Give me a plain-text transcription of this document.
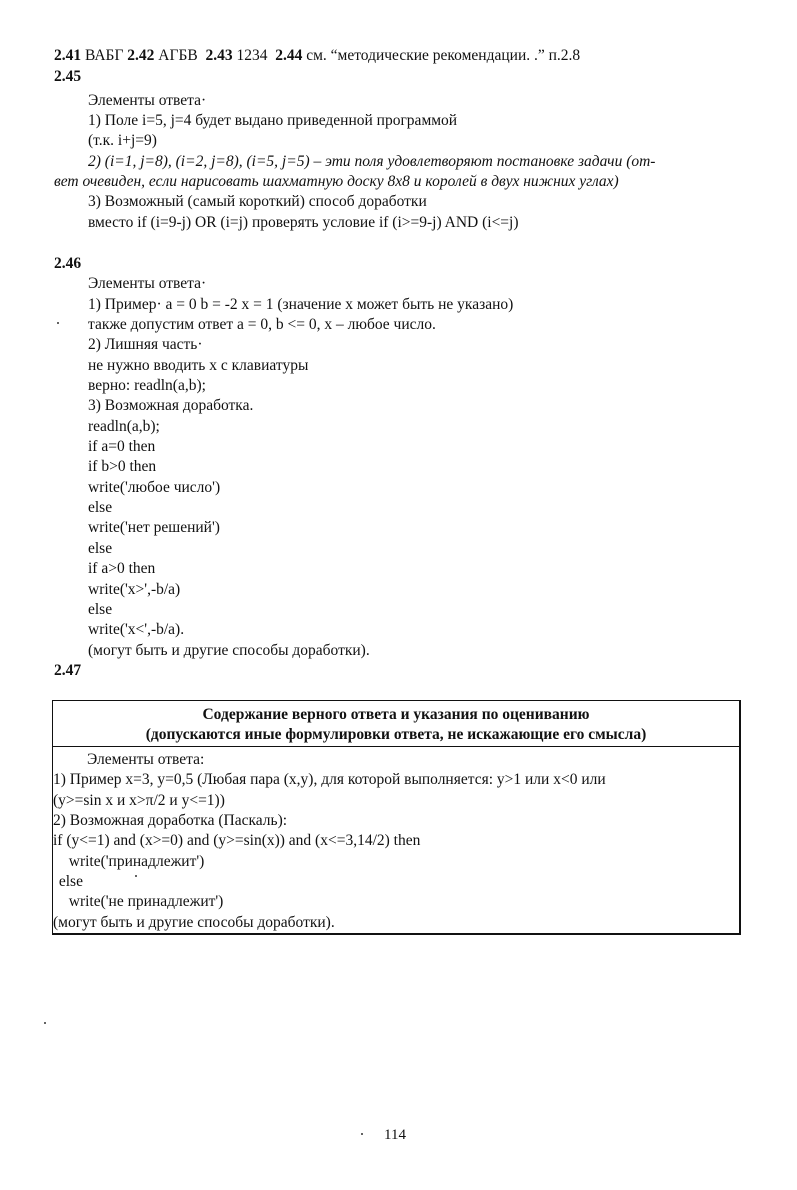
2.41 ВАБГ 2.42 АГБВ 2.43 1234 2.44 см. “методические рекомендации. .” п.2.8
2.45
Элементы ответа·
1) Поле i=5, j=4 будет выдано приведенной программой
(т.к. i+j=9)
2) (i=1, j=8), (i=2, j=8), (i=5, j=5) – эти поля удовлетворяют постановке задачи (от-
вет очевиден, если нарисовать шахматную доску 8x8 и королей в двух нижних углах)
3) Возможный (самый короткий) способ доработки
вместо if (i=9-j) OR (i=j) проверять условие if (i>=9-j) AND (i<=j)
2.46
Элементы ответа·
1) Пример· a = 0 b = -2 x = 1 (значение x может быть не указано)
также допустим ответ a = 0, b <= 0, x – любое число.
2) Лишняя часть·
не нужно вводить x с клавиатуры
верно: readln(a,b);
3) Возможная доработка.
readln(a,b);
if a=0 then
if b>0 then
write('любое число')
else
write('нет решений')
else
if a>0 then
write('x>',-b/a)
else
write('x<',-b/a).
(могут быть и другие способы доработки).
2.47
Содержание верного ответа и указания по оцениванию
(допускаются иные формулировки ответа, не искажающие его смысла)
Элементы ответа:
1) Пример x=3, y=0,5 (Любая пара (x,y), для которой выполняется: y>1 или x<0 или
(y>=sin x и x>π/2 и y<=1))
2) Возможная доработка (Паскаль):
if (y<=1) and (x>=0) and (y>=sin(x)) and (x<=3,14/2) then
write('принадлежит')
else
write('не принадлежит')
(могут быть и другие способы доработки).
114
